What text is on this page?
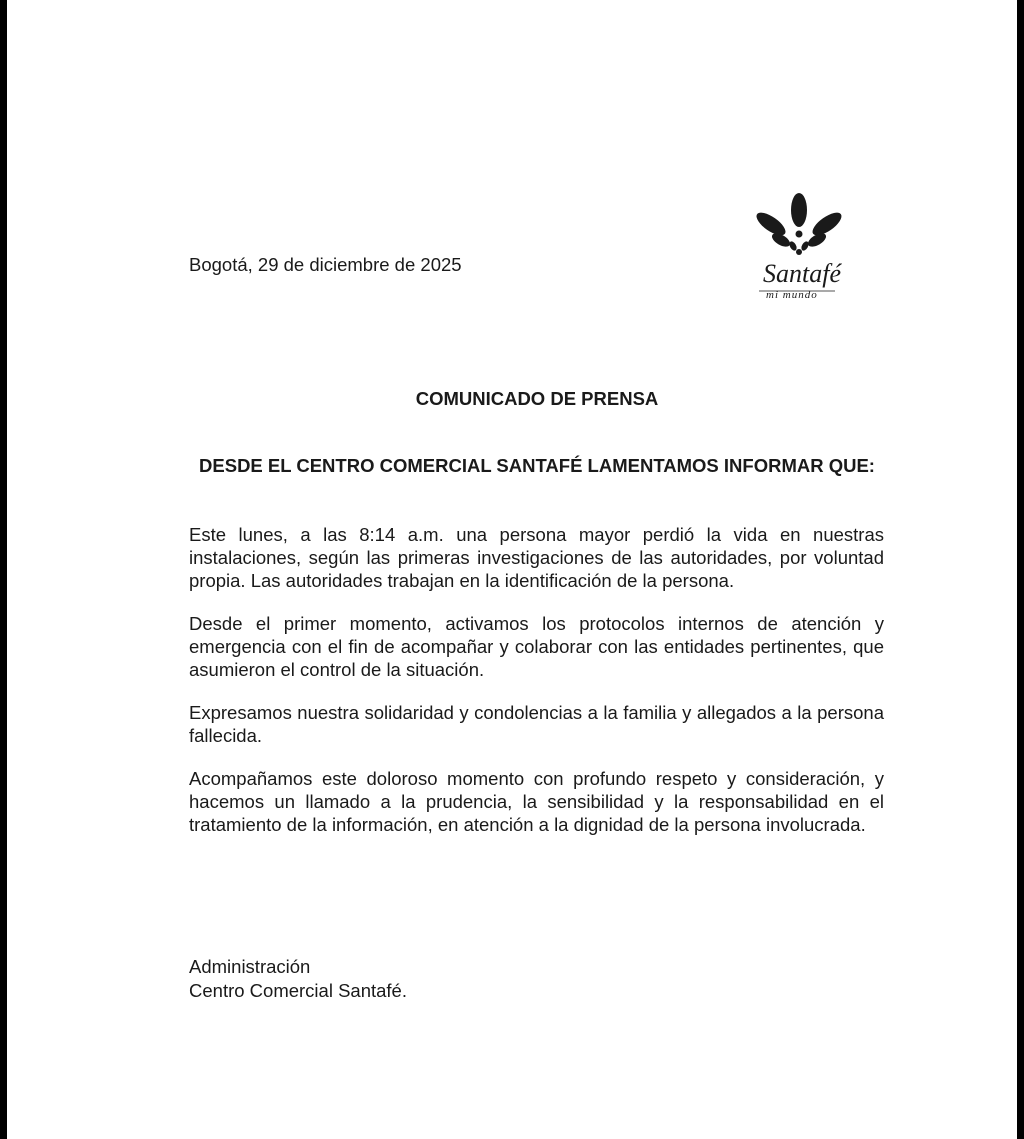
Santafé
mi mundo

Bogotá, 29 de diciembre de 2025

COMUNICADO DE PRENSA

DESDE EL CENTRO COMERCIAL SANTAFÉ LAMENTAMOS INFORMAR QUE:

Este lunes, a las 8:14 a.m. una persona mayor perdió la vida en nuestras instalaciones, según las primeras investigaciones de las autoridades, por voluntad propia. Las autoridades trabajan en la identificación de la persona.

Desde el primer momento, activamos los protocolos internos de atención y emergencia con el fin de acompañar y colaborar con las entidades pertinentes, que asumieron el control de la situación.

Expresamos nuestra solidaridad y condolencias a la familia y allegados a la persona fallecida.

Acompañamos este doloroso momento con profundo respeto y consideración, y hacemos un llamado a la prudencia, la sensibilidad y la responsabilidad en el tratamiento de la información, en atención a la dignidad de la persona involucrada.

Administración
Centro Comercial Santafé.
